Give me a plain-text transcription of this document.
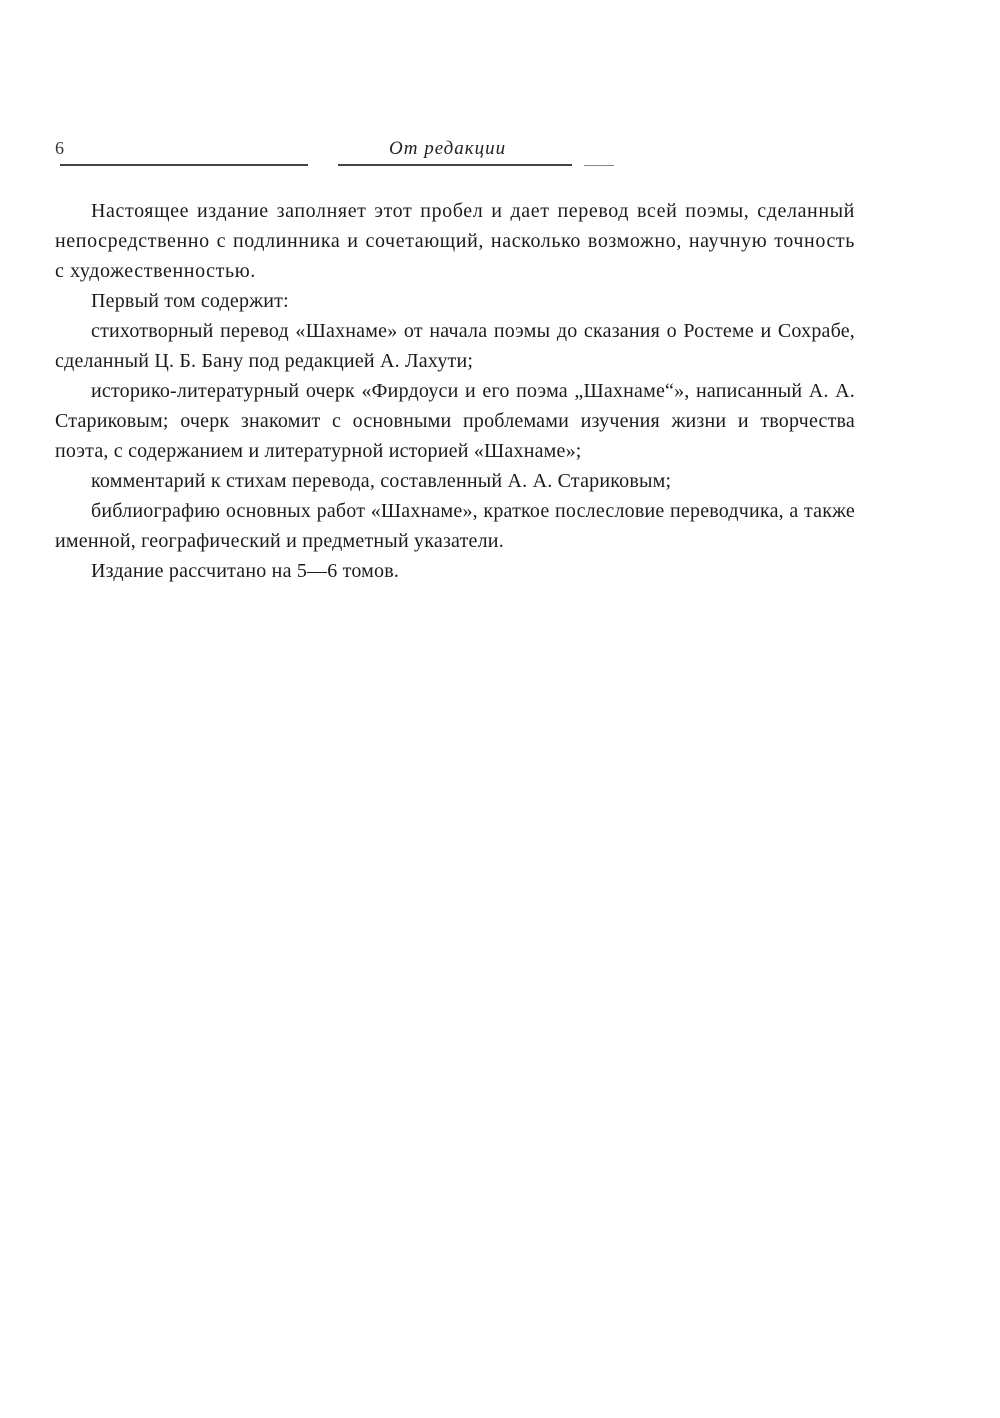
6	От редакции

Настоящее издание заполняет этот пробел и дает перевод всей поэмы, сделанный непосредственно с подлинника и сочетающий, насколько возможно, научную точность с художественностью.

Первый том содержит:

стихотворный перевод «Шахнаме» от начала поэмы до сказания о Ростеме и Сохрабе, сделанный Ц. Б. Бану под редакцией А. Лахути;

историко-литературный очерк «Фирдоуси и его поэма „Шахнаме“», написанный А. А. Стариковым; очерк знакомит с основными проблемами изучения жизни и творчества поэта, с содержанием и литературной историей «Шахнаме»;

комментарий к стихам перевода, составленный А. А. Стариковым;

библиографию основных работ «Шахнаме», краткое послесловие переводчика, а также именной, географический и предметный указатели.

Издание рассчитано на 5—6 томов.
